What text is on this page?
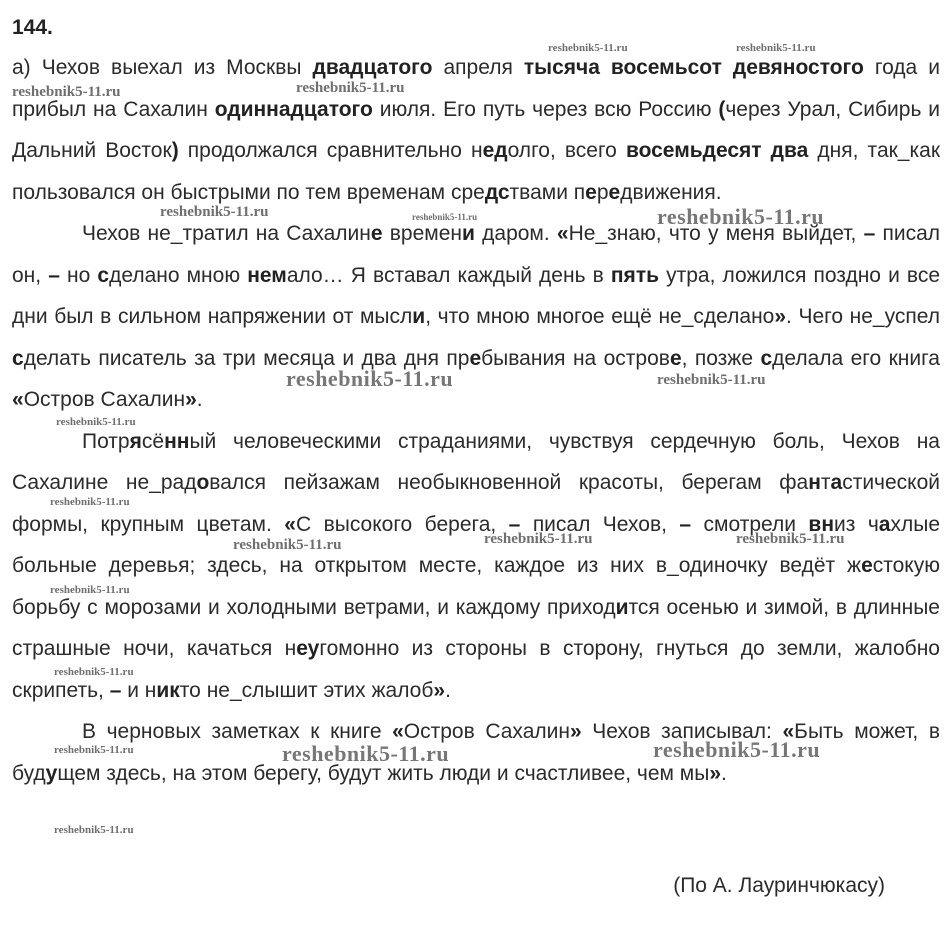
144.

а) Чехов выехал из Москвы двадцатого апреля тысяча восемьсот девяностого года и прибыл на Сахалин одиннадцатого июля. Его путь через всю Россию (через Урал, Сибирь и Дальний Восток) продолжался сравнительно недолго, всего восемьдесят два дня, так_как пользовался он быстрыми по тем временам средствами передвижения.

Чехов не_тратил на Сахалине времени даром. «Не_знаю, что у меня выйдет, – писал он, – но сделано мною немало… Я вставал каждый день в пять утра, ложился поздно и все дни был в сильном напряжении от мысли, что мною многое ещё не_сделано». Чего не_успел сделать писатель за три месяца и два дня пребывания на острове, позже сделала его книга «Остров Сахалин».

Потрясённый человеческими страданиями, чувствуя сердечную боль, Чехов на Сахалине не_радовался пейзажам необыкновенной красоты, берегам фантастической формы, крупным цветам. «С высокого берега, – писал Чехов, – смотрели вниз чахлые больные деревья; здесь, на открытом месте, каждое из них в_одиночку ведёт жестокую борьбу с морозами и холодными ветрами, и каждому приходится осенью и зимой, в длинные страшные ночи, качаться неугомонно из стороны в сторону, гнуться до земли, жалобно скрипеть, – и никто не_слышит этих жалоб».

В черновых заметках к книге «Остров Сахалин» Чехов записывал: «Быть может, в будущем здесь, на этом берегу, будут жить люди и счастливее, чем мы».

(По А. Лауринчюкасу)
reshebnik5-11.ru	reshebnik5-11.ru
reshebnik5-11.ru	reshebnik5-11.ru
reshebnik5-11.ru	reshebnik5-11.ru	reshebnik5-11.ru
reshebnik5-11.ru	reshebnik5-11.ru
reshebnik5-11.ru
reshebnik5-11.ru
reshebnik5-11.ru	reshebnik5-11.ru	reshebnik5-11.ru
reshebnik5-11.ru
reshebnik5-11.ru
reshebnik5-11.ru	reshebnik5-11.ru	reshebnik5-11.ru
reshebnik5-11.ru
